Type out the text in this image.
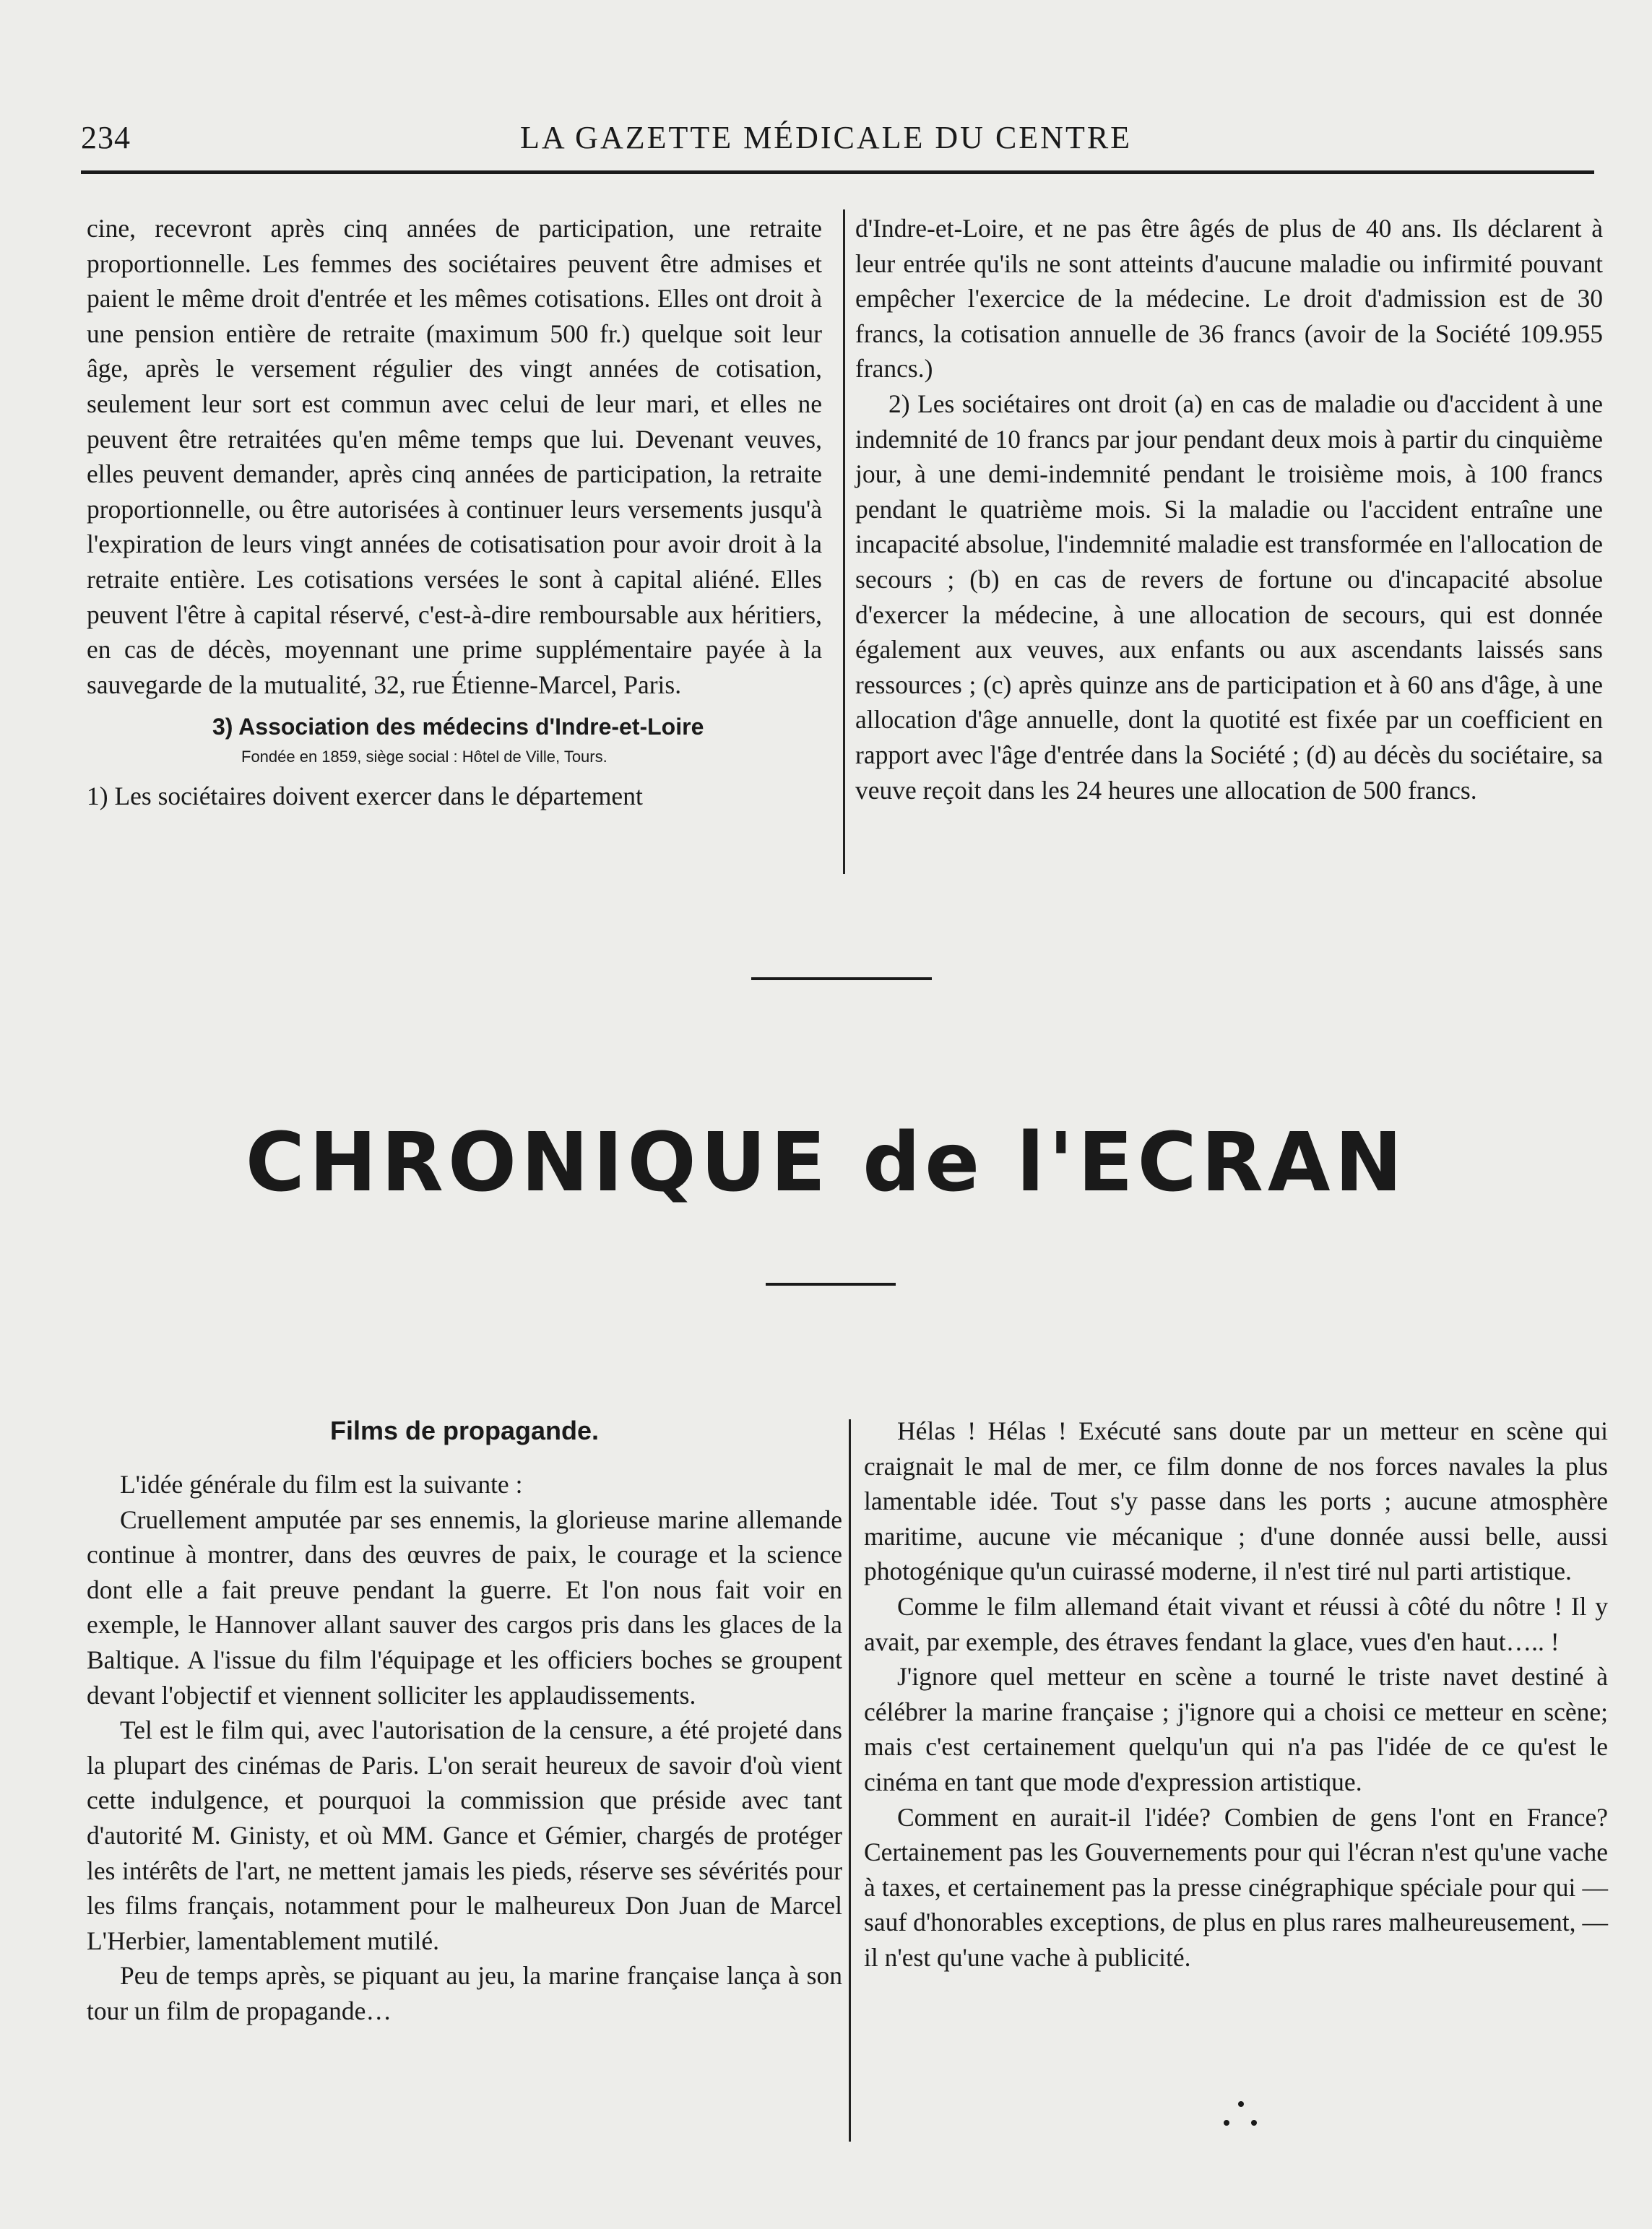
234	LA GAZETTE MÉDICALE DU CENTRE

cine, recevront après cinq années de participation, une retraite proportionnelle. Les femmes des sociétaires peuvent être admises et paient le même droit d'entrée et les mêmes cotisations. Elles ont droit à une pension entière de retraite (maximum 500 fr.) quelque soit leur âge, après le versement régulier des vingt années de cotisation, seulement leur sort est commun avec celui de leur mari, et elles ne peuvent être retraitées qu'en même temps que lui. Devenant veuves, elles peuvent demander, après cinq années de participation, la retraite proportionnelle, ou être autorisées à continuer leurs versements jusqu'à l'expiration de leurs vingt années de cotisatisation pour avoir droit à la retraite entière. Les cotisations versées le sont à capital aliéné. Elles peuvent l'être à capital réservé, c'est-à-dire remboursable aux héritiers, en cas de décès, moyennant une prime supplémentaire payée à la sauvegarde de la mutualité, 32, rue Étienne-Marcel, Paris.

3) Association des médecins d'Indre-et-Loire

Fondée en 1859, siège social : Hôtel de Ville, Tours.

1) Les sociétaires doivent exercer dans le département

d'Indre-et-Loire, et ne pas être âgés de plus de 40 ans. Ils déclarent à leur entrée qu'ils ne sont atteints d'aucune maladie ou infirmité pouvant empêcher l'exercice de la médecine. Le droit d'admission est de 30 francs, la cotisation annuelle de 36 francs (avoir de la Société 109.955 francs.)

2) Les sociétaires ont droit (a) en cas de maladie ou d'accident à une indemnité de 10 francs par jour pendant deux mois à partir du cinquième jour, à une demi-indemnité pendant le troisième mois, à 100 francs pendant le quatrième mois. Si la maladie ou l'accident entraîne une incapacité absolue, l'indemnité maladie est transformée en l'allocation de secours ; (b) en cas de revers de fortune ou d'incapacité absolue d'exercer la médecine, à une allocation de secours, qui est donnée également aux veuves, aux enfants ou aux ascendants laissés sans ressources ; (c) après quinze ans de participation et à 60 ans d'âge, à une allocation d'âge annuelle, dont la quotité est fixée par un coefficient en rapport avec l'âge d'entrée dans la Société ; (d) au décès du sociétaire, sa veuve reçoit dans les 24 heures une allocation de 500 francs.

CHRONIQUE de l'ECRAN
Films de propagande.

L'idée générale du film est la suivante :

Cruellement amputée par ses ennemis, la glorieuse marine allemande continue à montrer, dans des œuvres de paix, le courage et la science dont elle a fait preuve pendant la guerre. Et l'on nous fait voir en exemple, le Hannover allant sauver des cargos pris dans les glaces de la Baltique. A l'issue du film l'équipage et les officiers boches se groupent devant l'objectif et viennent solliciter les applaudissements.

Tel est le film qui, avec l'autorisation de la censure, a été projeté dans la plupart des cinémas de Paris. L'on serait heureux de savoir d'où vient cette indulgence, et pourquoi la commission que préside avec tant d'autorité M. Ginisty, et où MM. Gance et Gémier, chargés de protéger les intérêts de l'art, ne mettent jamais les pieds, réserve ses sévérités pour les films français, notamment pour le malheureux Don Juan de Marcel L'Herbier, lamentablement mutilé.

Peu de temps après, se piquant au jeu, la marine française lança à son tour un film de propagande…

Hélas ! Hélas ! Exécuté sans doute par un metteur en scène qui craignait le mal de mer, ce film donne de nos forces navales la plus lamentable idée. Tout s'y passe dans les ports ; aucune atmosphère maritime, aucune vie mécanique ; d'une donnée aussi belle, aussi photogénique qu'un cuirassé moderne, il n'est tiré nul parti artistique.

Comme le film allemand était vivant et réussi à côté du nôtre ! Il y avait, par exemple, des étraves fendant la glace, vues d'en haut….. !

J'ignore quel metteur en scène a tourné le triste navet destiné à célébrer la marine française ; j'ignore qui a choisi ce metteur en scène; mais c'est certainement quelqu'un qui n'a pas l'idée de ce qu'est le cinéma en tant que mode d'expression artistique.

Comment en aurait-il l'idée? Combien de gens l'ont en France? Certainement pas les Gouvernements pour qui l'écran n'est qu'une vache à taxes, et certainement pas la presse cinégraphique spéciale pour qui — sauf d'honorables exceptions, de plus en plus rares malheureusement, — il n'est qu'une vache à publicité.
